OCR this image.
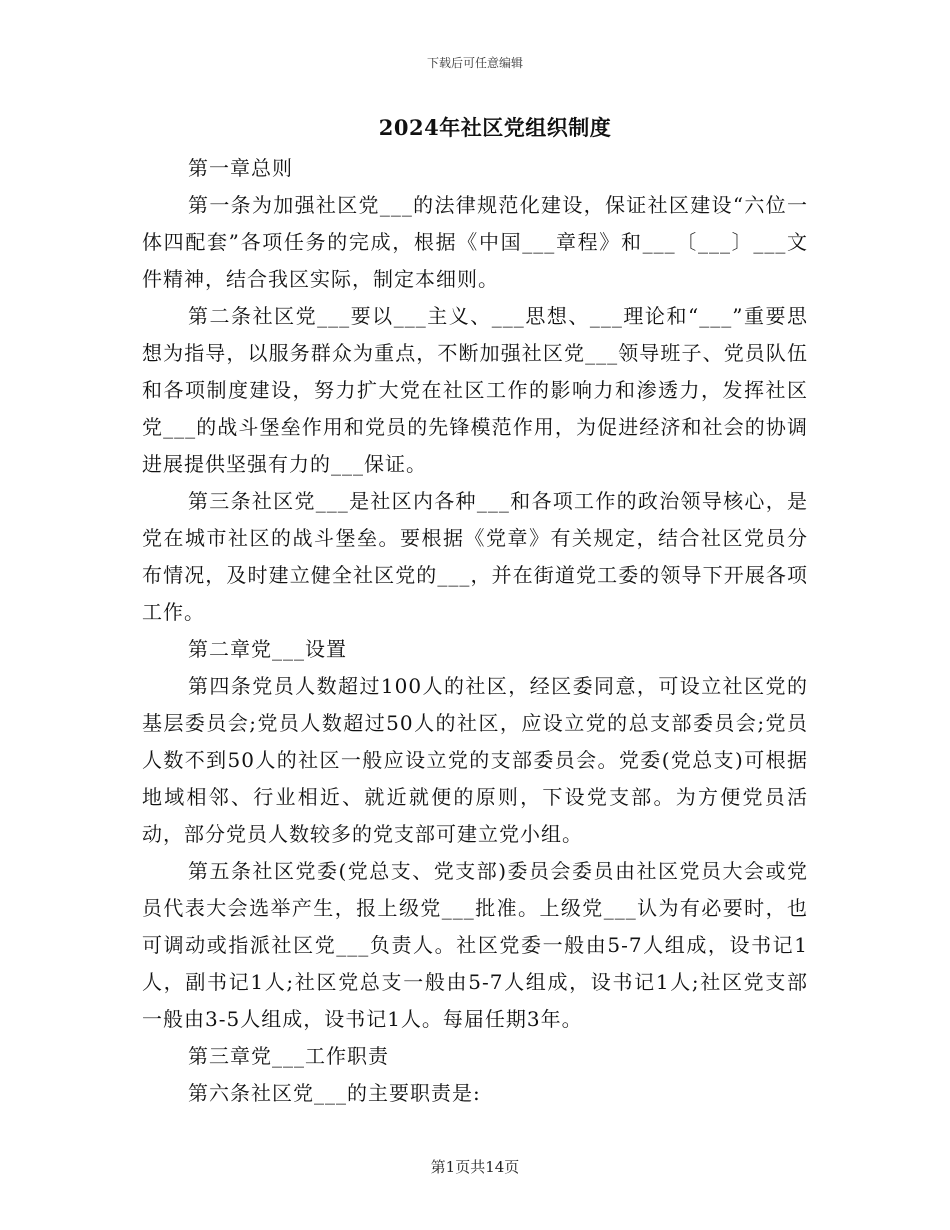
下载后可任意编辑
2024年社区党组织制度

第一章总则

第一条为加强社区党___的法律规范化建设，保证社区建设“六位一体四配套”各项任务的完成，根据《中国___章程》和___〔___〕___文件精神，结合我区实际，制定本细则。

第二条社区党___要以___主义、___思想、___理论和“___”重要思想为指导，以服务群众为重点，不断加强社区党___领导班子、党员队伍和各项制度建设，努力扩大党在社区工作的影响力和渗透力，发挥社区党___的战斗堡垒作用和党员的先锋模范作用，为促进经济和社会的协调进展提供坚强有力的___保证。

第三条社区党___是社区内各种___和各项工作的政治领导核心，是党在城市社区的战斗堡垒。要根据《党章》有关规定，结合社区党员分布情况，及时建立健全社区党的___，并在街道党工委的领导下开展各项工作。

第二章党___设置

第四条党员人数超过100人的社区，经区委同意，可设立社区党的基层委员会;党员人数超过50人的社区，应设立党的总支部委员会;党员人数不到50人的社区一般应设立党的支部委员会。党委(党总支)可根据地域相邻、行业相近、就近就便的原则，下设党支部。为方便党员活动，部分党员人数较多的党支部可建立党小组。

第五条社区党委(党总支、党支部)委员会委员由社区党员大会或党员代表大会选举产生，报上级党___批准。上级党___认为有必要时，也可调动或指派社区党___负责人。社区党委一般由5-7人组成，设书记1人，副书记1人;社区党总支一般由5-7人组成，设书记1人;社区党支部一般由3-5人组成，设书记1人。每届任期3年。

第三章党___工作职责

第六条社区党___的主要职责是:

第1页共14页
